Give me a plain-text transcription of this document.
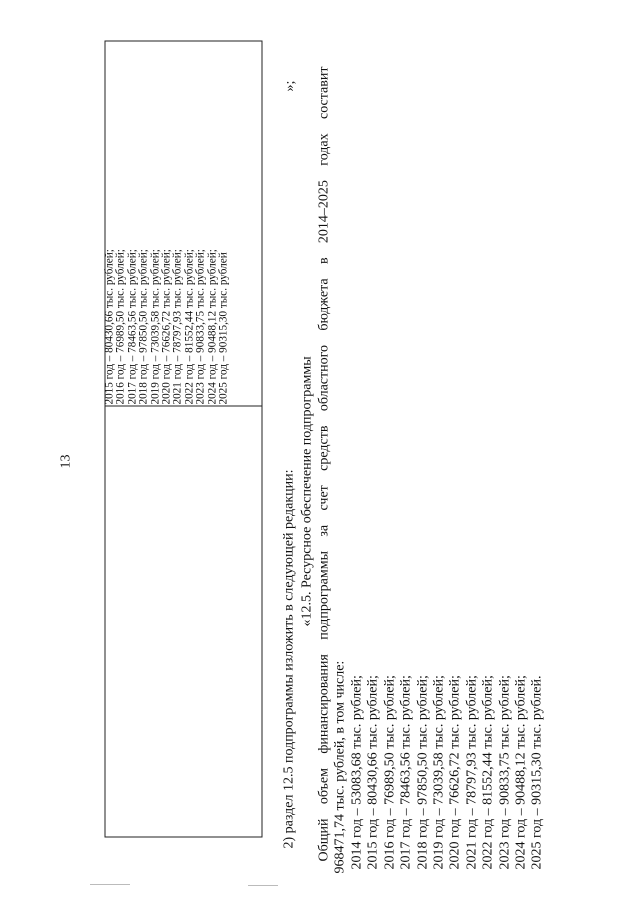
13
2015 год – 80430,66 тыс. рублей; 2016 год – 76989,50 тыс. рублей; 2017 год – 78463,56 тыс. рублей; 2018 год – 97850,50 тыс. рублей; 2019 год – 73039,58 тыс. рублей; 2020 год – 76626,72 тыс. рублей; 2021 год – 78797,93 тыс. рублей; 2022 год – 81552,44 тыс. рублей; 2023 год – 90833,75 тыс. рублей; 2024 год – 90488,12 тыс. рублей; 2025 год – 90315,30 тыс. рублей
»;
2) раздел 12.5 подпрограммы изложить в следующей редакции: «12.5. Ресурсное обеспечение подпрограммы Общий объем финансирования подпрограммы за счет средств областного бюджета в 2014–2025 годах составит 968471,74 тыс. рублей, в том числе: 2014 год – 53083,68 тыс. рублей; 2015 год – 80430,66 тыс. рублей; 2016 год – 76989,50 тыс. рублей; 2017 год – 78463,56 тыс. рублей; 2018 год – 97850,50 тыс. рублей; 2019 год – 73039,58 тыс. рублей; 2020 год – 76626,72 тыс. рублей; 2021 год – 78797,93 тыс. рублей; 2022 год – 81552,44 тыс. рублей; 2023 год – 90833,75 тыс. рублей; 2024 год – 90488,12 тыс. рублей; 2025 год – 90315,30 тыс. рублей.
